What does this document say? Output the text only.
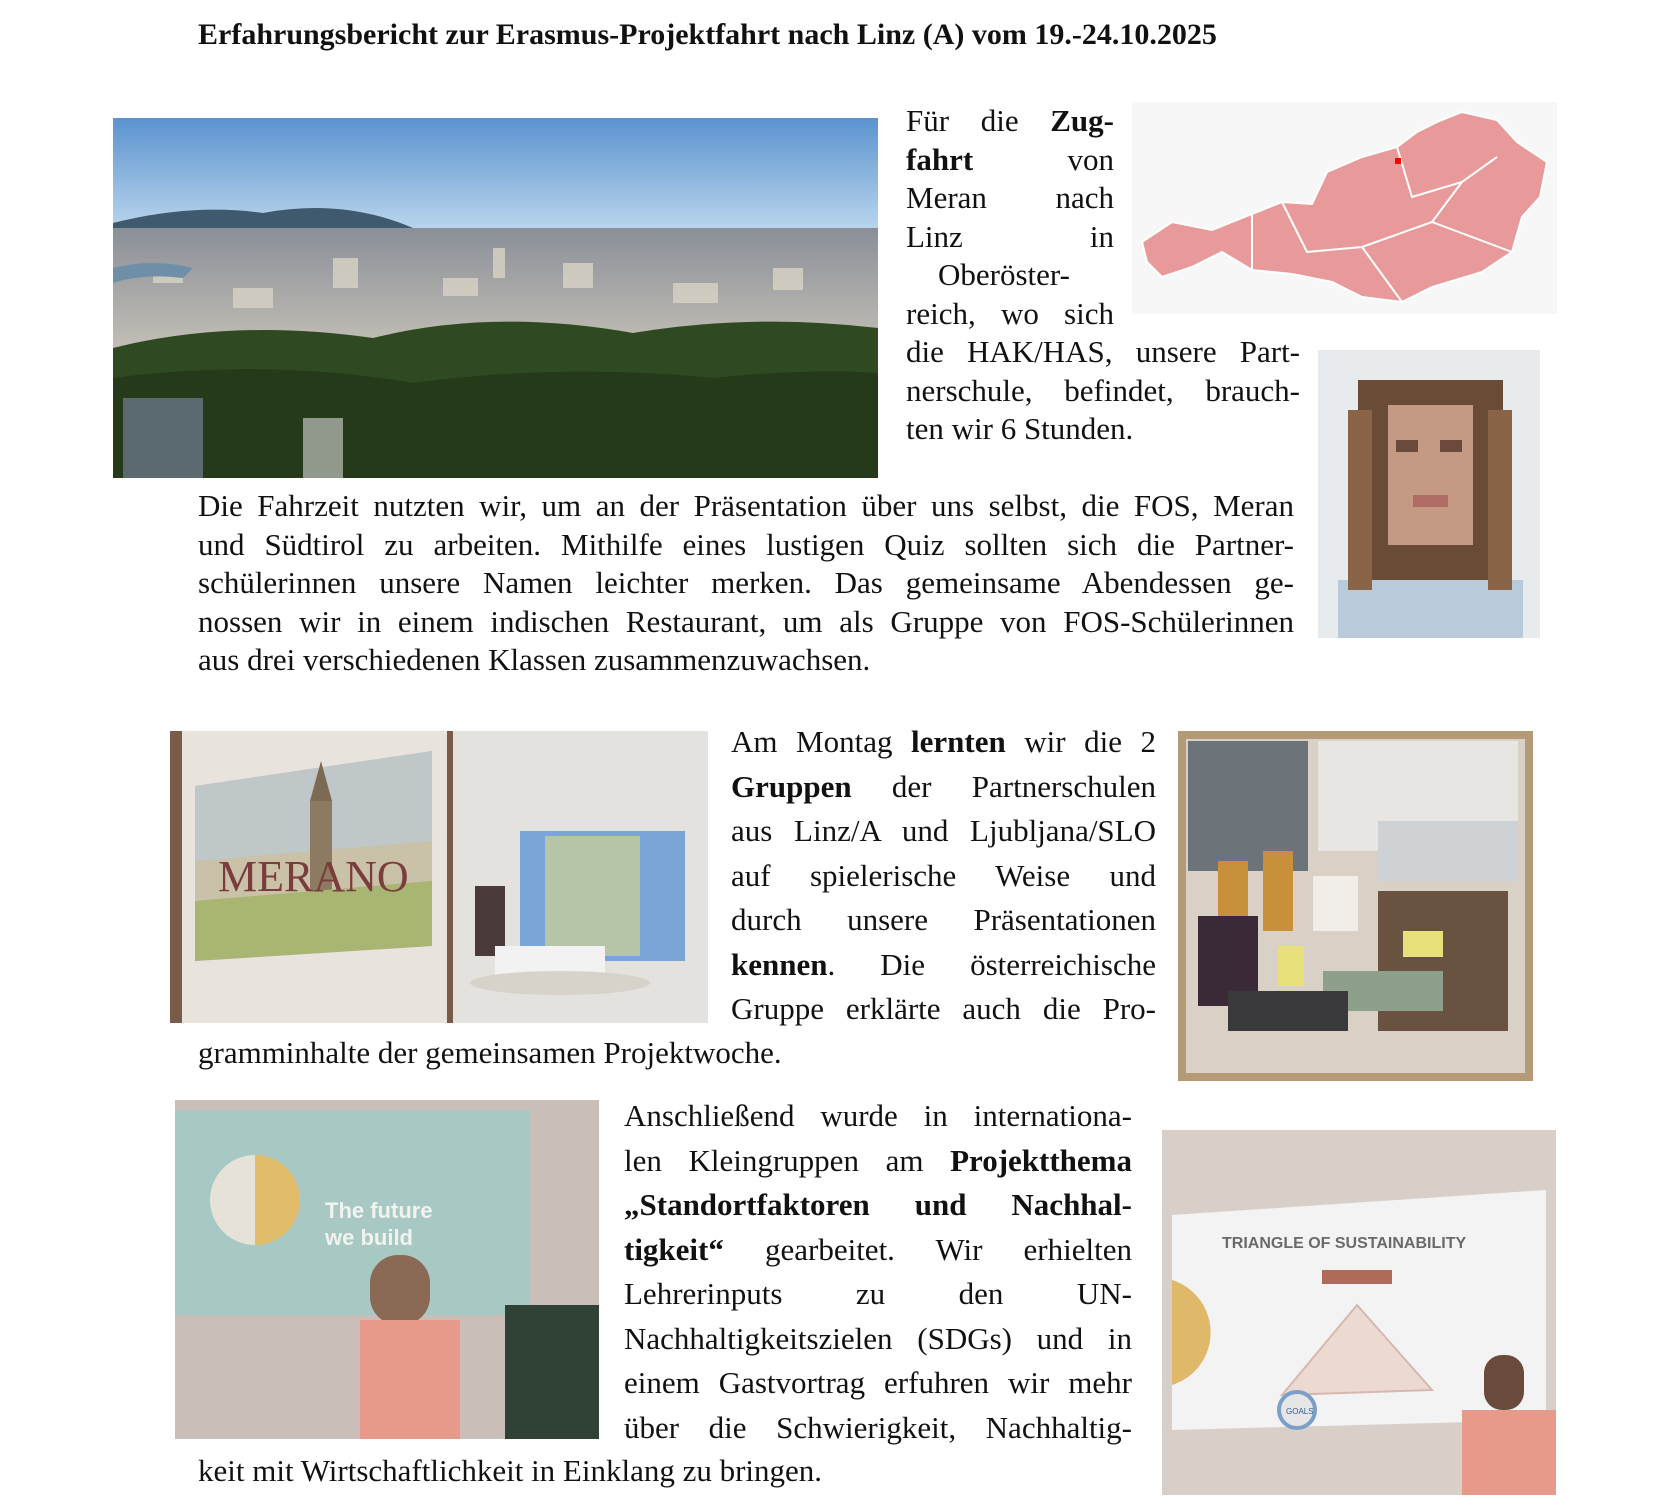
Erfahrungsbericht zur Erasmus-Projektfahrt nach Linz (A) vom 19.-24.10.2025
MERANO
The future
we build	TRIANGLE OF SUSTAINABILITY
GOALS
Für die Zug-
fahrt von
Meran nach
Linz in
Oberöster-
reich, wo sich
die HAK/HAS, unsere Part-
nerschule, befindet, brauch-
ten wir 6 Stunden.
Die Fahrzeit nutzten wir, um an der Präsentation über uns selbst, die FOS, Meran
und Südtirol zu arbeiten. Mithilfe eines lustigen Quiz sollten sich die Partner-
schülerinnen unsere Namen leichter merken. Das gemeinsame Abendessen ge-
nossen wir in einem indischen Restaurant, um als Gruppe von FOS-Schülerinnen
aus drei verschiedenen Klassen zusammenzuwachsen.
Am Montag lernten wir die 2
Gruppen der Partnerschulen
aus Linz/A und Ljubljana/SLO
auf spielerische Weise und
durch unsere Präsentationen
kennen. Die österreichische
Gruppe erklärte auch die Pro-
gramminhalte der gemeinsamen Projektwoche.
Anschließend wurde in internationa-
len Kleingruppen am Projektthema
„Standortfaktoren und Nachhal-
tigkeit“ gearbeitet. Wir erhielten
Lehrerinputs zu den UN-
Nachhaltigkeitszielen (SDGs) und in
einem Gastvortrag erfuhren wir mehr
über die Schwierigkeit, Nachhaltig-
keit mit Wirtschaftlichkeit in Einklang zu bringen.
